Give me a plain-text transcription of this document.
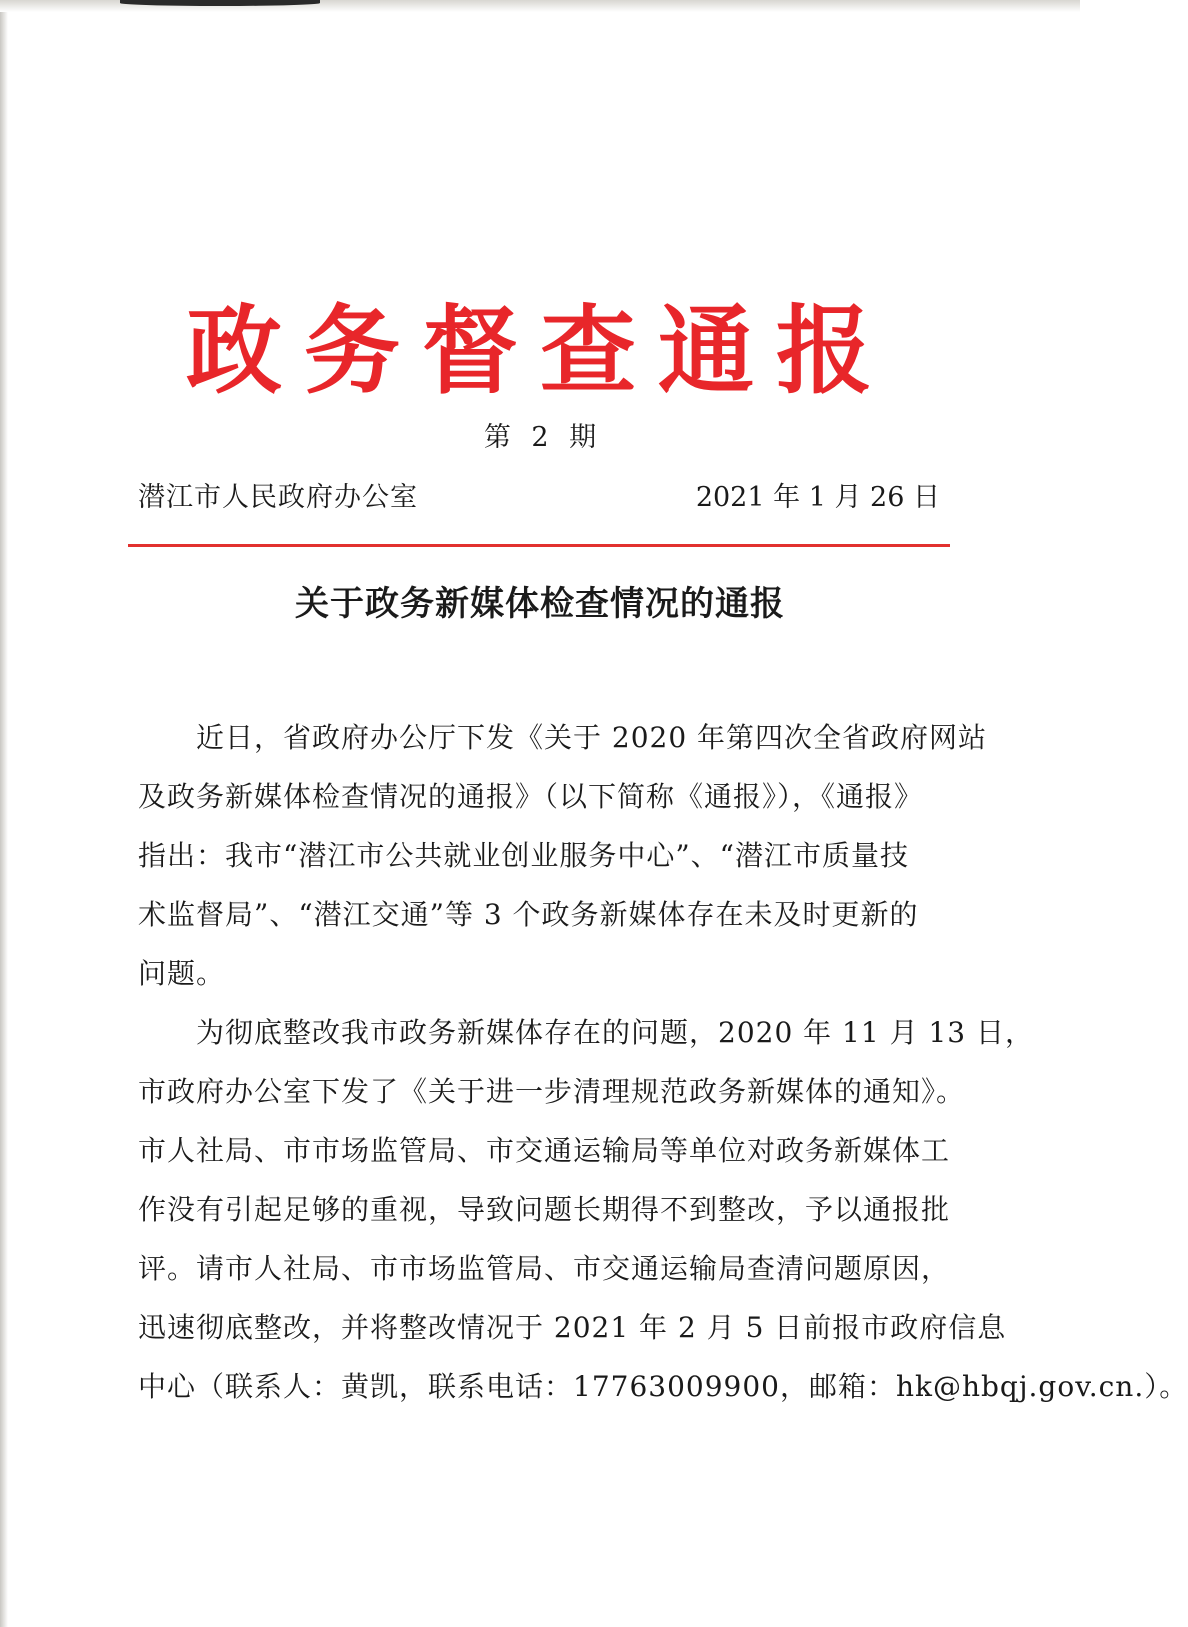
政务督查通报
第 2 期
潜江市人民政府办公室	2021 年 1 月 26 日
关于政务新媒体检查情况的通报

近日，省政府办公厅下发《关于 2020 年第四次全省政府网站
及政务新媒体检查情况的通报》（以下简称《通报》），《通报》
指出：我市“潜江市公共就业创业服务中心”、“潜江市质量技
术监督局”、“潜江交通”等 3 个政务新媒体存在未及时更新的
问题。

为彻底整改我市政务新媒体存在的问题，2020 年 11 月 13 日，
市政府办公室下发了《关于进一步清理规范政务新媒体的通知》。
市人社局、市市场监管局、市交通运输局等单位对政务新媒体工
作没有引起足够的重视，导致问题长期得不到整改，予以通报批
评。请市人社局、市市场监管局、市交通运输局查清问题原因，
迅速彻底整改，并将整改情况于 2021 年 2 月 5 日前报市政府信息
中心（联系人：黄凯，联系电话：17763009900，邮箱：hk@hbqj.gov.cn.）。
